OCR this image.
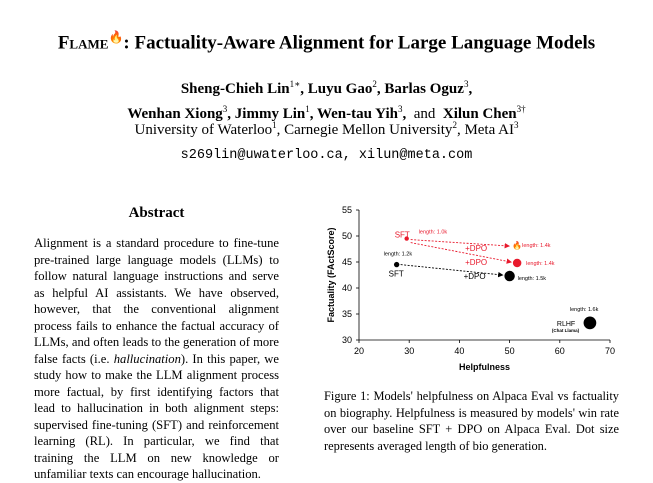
Flame🔥: Factuality-Aware Alignment for Large Language Models
Sheng-Chieh Lin$^{1∗}$, Luyu Gao$^2$, Barlas Oguz$^3$,
Wenhan Xiong$^3$, Jimmy Lin$^1$, Wen-tau Yih$^3$,  and Xilun Chen$^{3\dagger}$
University of Waterloo$^1$, Carnegie Mellon University$^2$, Meta $AI^3$
s269lin@uwaterloo.ca, xilun@meta.com
Abstract
Alignment is a standard procedure to fine-tune pre-trained large language models (LLMs) to follow natural language instructions and serve as helpful AI assistants. We have observed, however, that the conventional alignment process fails to enhance the factual accuracy of LLMs, and often leads to the generation of more false facts (i.e. hallucination). In this paper, we study how to make the LLM alignment process more factual, by first identifying factors that lead to hallucination in both alignment steps: supervised fine-tuning (SFT) and reinforcement learning (RL). In particular, we find that training the LLM on new knowledge or unfamiliar texts can encourage hallucination.
20	30	40	50	60	70
30
35
40
45
50
55
Helpfulness
Factuality (FActScore)	SFT length: 1.0k
length: 1.2k
SFT
+DPO
+DPO
length: 1.4k
length: 1.4k
+DPO	length: 1.5k
length: 1.6k
RLHF
(Chat Llama)
🔥
Figure 1: Models' helpfulness on Alpaca Eval vs factuality on biography. Helpfulness is measured by models' win rate over our baseline SFT + DPO on Alpaca Eval. Dot size represents averaged length of bio generation.
